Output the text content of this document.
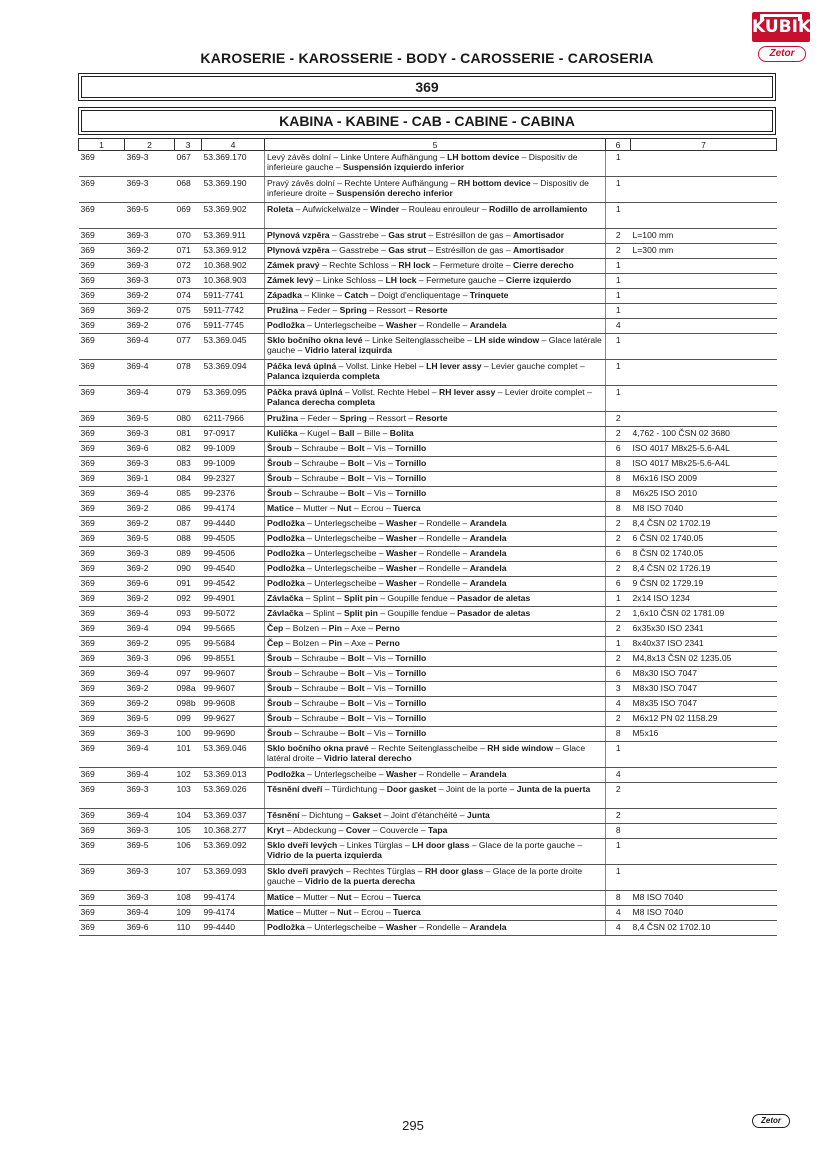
KUBIK
Zetor
KAROSERIE - KAROSSERIE - BODY - CAROSSERIE - CAROSERIA
369
KABINA - KABINE - CAB - CABINE - CABINA
1	2	3	4	5	6	7
369	369-3	067	53.369.170	Levý závěs dolní – Linke Untere Aufhängung – LH bottom device – Dispositiv de inferieure gauche – Suspensión izquierdo inferior	1	
369	369-3	068	53.369.190	Pravý závěs dolní – Rechte Untere Aufhängung – RH bottom device – Dispositiv de inferieure droite – Suspensión derecho inferior	1	
369	369-5	069	53.369.902	Roleta – Aufwickelwalze – Winder – Rouleau enrouleur – Rodillo de arrollamiento	1	
369	369-3	070	53.369.911	Plynová vzpěra – Gasstrebe – Gas strut – Estrésillon de gas – Amortisador	2	L=100 mm
369	369-2	071	53.369.912	Plynová vzpěra – Gasstrebe – Gas strut – Estrésillon de gas – Amortisador	2	L=300 mm
369	369-3	072	10.368.902	Zámek pravý – Rechte Schloss – RH lock – Fermeture droite – Cierre derecho	1	
369	369-3	073	10.368.903	Zámek levý – Linke Schloss – LH lock – Fermeture gauche – Cierre izquierdo	1	
369	369-2	074	5911-7741	Západka – Klinke – Catch – Doigt d'encliquentage – Trinquete	1	
369	369-2	075	5911-7742	Pružina – Feder – Spring – Ressort – Resorte	1	
369	369-2	076	5911-7745	Podložka – Unterlegscheibe – Washer – Rondelle – Arandela	4	
369	369-4	077	53.369.045	Sklo bočního okna levé – Linke Seitenglasscheibe – LH side window – Glace latérale gauche – Vidrio lateral izquirda	1	
369	369-4	078	53.369.094	Páčka levá úplná – Vollst. Linke Hebel – LH lever assy – Levier gauche complet – Palanca izquierda completa	1	
369	369-4	079	53.369.095	Páčka pravá úplná – Vollst. Rechte Hebel – RH lever assy – Levier droite complet – Palanca derecha completa	1	
369	369-5	080	6211-7966	Pružina – Feder – Spring – Ressort – Resorte	2	
369	369-3	081	97-0917	Kulička – Kugel – Ball – Bille – Bolita	2	4,762 - 100 ČSN 02 3680
369	369-6	082	99-1009	Šroub – Schraube – Bolt – Vis – Tornillo	6	ISO 4017 M8x25-5.6-A4L
369	369-3	083	99-1009	Šroub – Schraube – Bolt – Vis – Tornillo	8	ISO 4017 M8x25-5.6-A4L
369	369-1	084	99-2327	Šroub – Schraube – Bolt – Vis – Tornillo	8	M6x16 ISO 2009
369	369-4	085	99-2376	Šroub – Schraube – Bolt – Vis – Tornillo	8	M6x25 ISO 2010
369	369-2	086	99-4174	Matice – Mutter – Nut – Ecrou – Tuerca	8	M8 ISO 7040
369	369-2	087	99-4440	Podložka – Unterlegscheibe – Washer – Rondelle – Arandela	2	8,4 ČSN 02 1702.19
369	369-5	088	99-4505	Podložka – Unterlegscheibe – Washer – Rondelle – Arandela	2	6 ČSN 02 1740.05
369	369-3	089	99-4506	Podložka – Unterlegscheibe – Washer – Rondelle – Arandela	6	8 ČSN 02 1740.05
369	369-2	090	99-4540	Podložka – Unterlegscheibe – Washer – Rondelle – Arandela	2	8,4 ČSN 02 1726.19
369	369-6	091	99-4542	Podložka – Unterlegscheibe – Washer – Rondelle – Arandela	6	9 ČSN 02 1729.19
369	369-2	092	99-4901	Závlačka – Splint – Split pin – Goupille fendue – Pasador de aletas	1	2x14 ISO 1234
369	369-4	093	99-5072	Závlačka – Splint – Split pin – Goupille fendue – Pasador de aletas	2	1,6x10 ČSN 02 1781.09
369	369-4	094	99-5665	Čep – Bolzen – Pin – Axe – Perno	2	6x35x30 ISO 2341
369	369-2	095	99-5684	Čep – Bolzen – Pin – Axe – Perno	1	8x40x37 ISO 2341
369	369-3	096	99-8551	Šroub – Schraube – Bolt – Vis – Tornillo	2	M4,8x13 ČSN 02 1235.05
369	369-4	097	99-9607	Šroub – Schraube – Bolt – Vis – Tornillo	6	M8x30 ISO 7047
369	369-2	098a	99-9607	Šroub – Schraube – Bolt – Vis – Tornillo	3	M8x30 ISO 7047
369	369-2	098b	99-9608	Šroub – Schraube – Bolt – Vis – Tornillo	4	M8x35 ISO 7047
369	369-5	099	99-9627	Šroub – Schraube – Bolt – Vis – Tornillo	2	M6x12 PN 02 1158.29
369	369-3	100	99-9690	Šroub – Schraube – Bolt – Vis – Tornillo	8	M5x16
369	369-4	101	53.369.046	Sklo bočního okna pravé – Rechte Seitenglasscheibe – RH side window – Glace latéral droite – Vidrio lateral derecho	1	
369	369-4	102	53.369.013	Podložka – Unterlegscheibe – Washer – Rondelle – Arandela	4	
369	369-3	103	53.369.026	Těsnění dveří – Türdichtung – Door gasket – Joint de la porte – Junta de la puerta	2	
369	369-4	104	53.369.037	Těsnění – Dichtung – Gakset – Joint d'étanchéité – Junta	2	
369	369-3	105	10.368.277	Kryt – Abdeckung – Cover – Couvercle – Tapa	8	
369	369-5	106	53.369.092	Sklo dveří levých – Linkes Türglas – LH door glass – Glace de la porte gauche – Vidrio de la puerta izquierda	1	
369	369-3	107	53.369.093	Sklo dveří pravých – Rechtes Türglas – RH door glass – Glace de la porte droite gauche – Vidrio de la puerta derecha	1	
369	369-3	108	99-4174	Matice – Mutter – Nut – Ecrou – Tuerca	8	M8 ISO 7040
369	369-4	109	99-4174	Matice – Mutter – Nut – Ecrou – Tuerca	4	M8 ISO 7040
369	369-6	110	99-4440	Podložka – Unterlegscheibe – Washer – Rondelle – Arandela	4	8,4 ČSN 02 1702.10
295	Zetor
